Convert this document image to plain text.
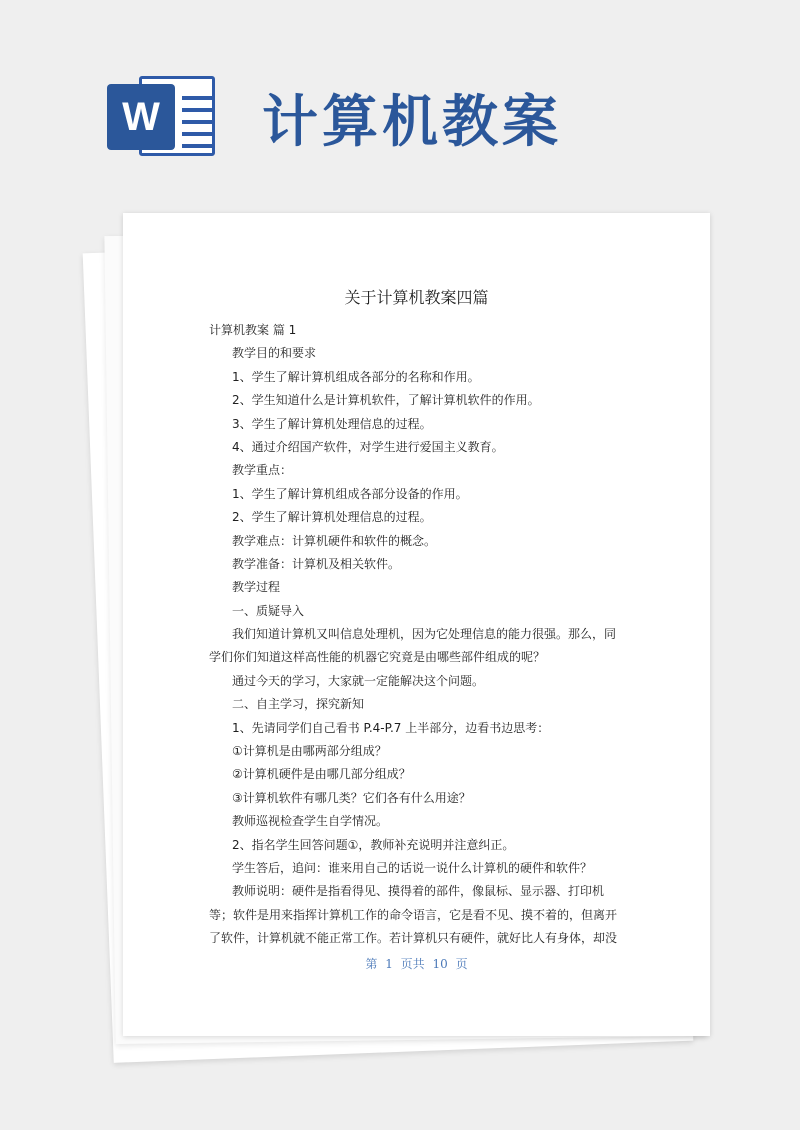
W 计算机教案
关于计算机教案四篇
计算机教案 篇 1
教学目的和要求
1、学生了解计算机组成各部分的名称和作用。
2、学生知道什么是计算机软件，了解计算机软件的作用。
3、学生了解计算机处理信息的过程。
4、通过介绍国产软件，对学生进行爱国主义教育。
教学重点：
1、学生了解计算机组成各部分设备的作用。
2、学生了解计算机处理信息的过程。
教学难点：计算机硬件和软件的概念。
教学准备：计算机及相关软件。
教学过程
一、质疑导入
我们知道计算机又叫信息处理机，因为它处理信息的能力很强。那么，同
学们你们知道这样高性能的机器它究竟是由哪些部件组成的呢？
通过今天的学习，大家就一定能解决这个问题。
二、自主学习，探究新知
1、先请同学们自己看书 P.4-P.7 上半部分，边看书边思考：
①计算机是由哪两部分组成？
②计算机硬件是由哪几部分组成？
③计算机软件有哪几类？它们各有什么用途？
教师巡视检查学生自学情况。
2、指名学生回答问题①，教师补充说明并注意纠正。
学生答后，追问：谁来用自己的话说一说什么计算机的硬件和软件？
教师说明：硬件是指看得见、摸得着的部件，像鼠标、显示器、打印机
等；软件是用来指挥计算机工作的命令语言，它是看不见、摸不着的，但离开
了软件，计算机就不能正常工作。若计算机只有硬件，就好比人有身体，却没
第 1 页共 10 页
